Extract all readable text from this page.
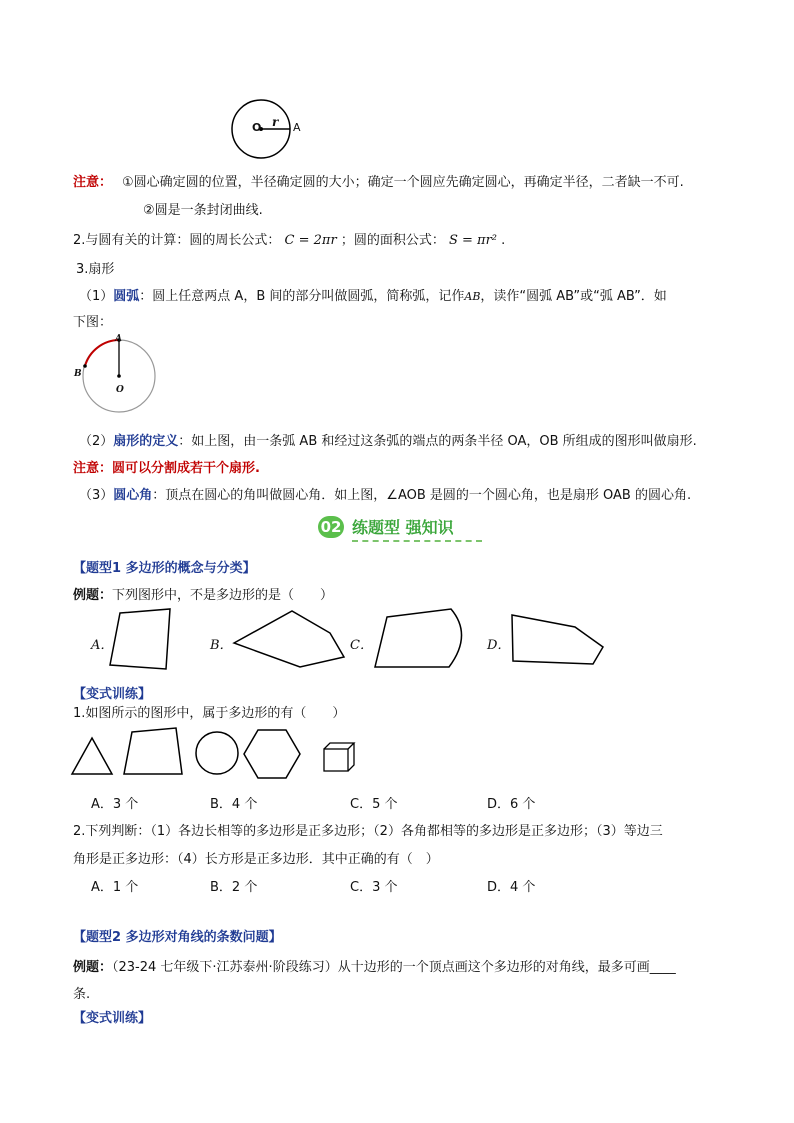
O r A
注意： ①圆心确定圆的位置，半径确定圆的大小；确定一个圆应先确定圆心，再确定半径，二者缺一不可.
②圆是一条封闭曲线.
2.与圆有关的计算：圆的周长公式： C = 2πr ；圆的面积公式： S = πr² .
3.扇形
（1）圆弧：圆上任意两点 A，B 间的部分叫做圆弧，简称弧，记作AB，读作“圆弧 AB”或“弧 AB”．如
下图：
A
B
O
（2）扇形的定义：如上图，由一条弧 AB 和经过这条弧的端点的两条半径 OA，OB 所组成的图形叫做扇形.
注意：圆可以分割成若干个扇形.
（3）圆心角：顶点在圆心的角叫做圆心角．如上图，∠AOB 是圆的一个圆心角，也是扇形 OAB 的圆心角.
02 练题型 强知识
【题型1 多边形的概念与分类】
例题：下列图形中，不是多边形的是（　　）
A．	B．	C．	D．
【变式训练】
1.如图所示的图形中，属于多边形的有（　　）
A．3 个	B．4 个	C．5 个	D．6 个
2.下列判断：（1）各边长相等的多边形是正多边形；（2）各角都相等的多边形是正多边形；（3）等边三
角形是正多边形：（4）长方形是正多边形．其中正确的有（　）
A．1 个	B．2 个	C．3 个	D．4 个
【题型2 多边形对角线的条数问题】
例题：（23-24 七年级下·江苏泰州·阶段练习）从十边形的一个顶点画这个多边形的对角线，最多可画____
条.
【变式训练】
